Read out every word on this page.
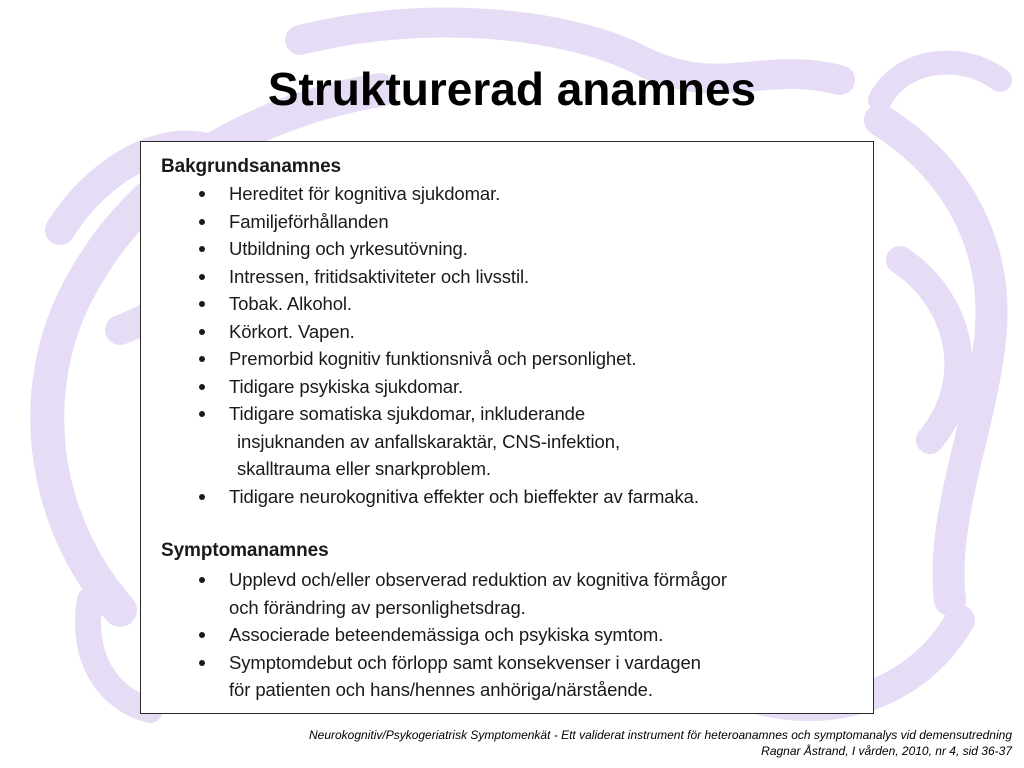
Strukturerad anamnes
Bakgrundsanamnes
Hereditet för kognitiva sjukdomar.
Familjeförhållanden
Utbildning och yrkesutövning.
Intressen, fritidsaktiviteter och livsstil.
Tobak. Alkohol.
Körkort. Vapen.
Premorbid kognitiv funktionsnivå och personlighet.
Tidigare psykiska sjukdomar.
Tidigare somatiska sjukdomar, inkluderande
insjuknanden av anfallskaraktär, CNS-infektion,
skalltrauma eller snarkproblem.
Tidigare neurokognitiva effekter och bieffekter av farmaka.
Symptomanamnes
Upplevd och/eller observerad reduktion av kognitiva förmågor
och förändring av personlighetsdrag.
Associerade beteendemässiga och psykiska symtom.
Symptomdebut och förlopp samt konsekvenser i vardagen
för patienten och hans/hennes anhöriga/närstående.
Neurokognitiv/Psykogeriatrisk Symptomenkät - Ett validerat instrument för heteroanamnes och symptomanalys vid demensutredning
Ragnar Åstrand, I vården, 2010, nr 4, sid 36-37
